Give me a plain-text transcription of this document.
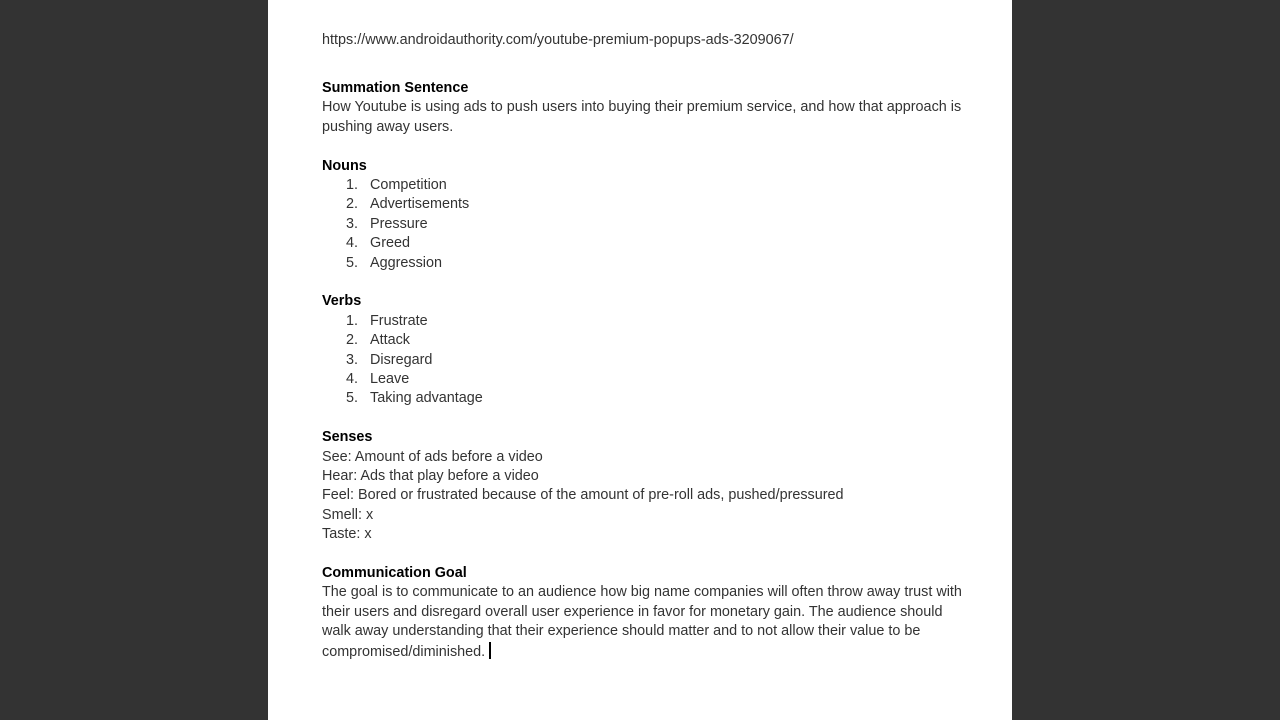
https://www.androidauthority.com/youtube-premium-popups-ads-3209067/

Summation Sentence

How Youtube is using ads to push users into buying their premium service, and how that approach is pushing away users.

Nouns

1. Competition
2. Advertisements
3. Pressure
4. Greed
5. Aggression

Verbs

1. Frustrate
2. Attack
3. Disregard
4. Leave
5. Taking advantage

Senses

See: Amount of ads before a video

Hear: Ads that play before a video

Feel: Bored or frustrated because of the amount of pre-roll ads, pushed/pressured

Smell: x

Taste: x

Communication Goal

The goal is to communicate to an audience how big name companies will often throw away trust with their users and disregard overall user experience in favor for monetary gain. The audience should walk away understanding that their experience should matter and to not allow their value to be compromised/diminished.
